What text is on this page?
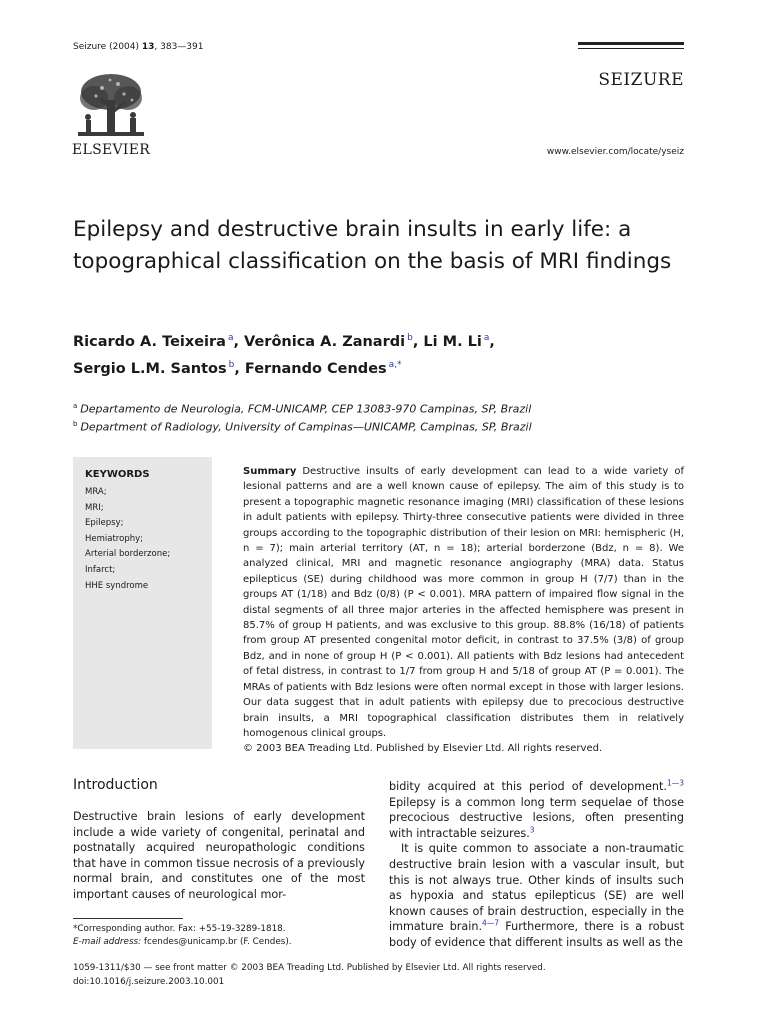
Seizure (2004) 13, 383—391
SEIZURE
ELSEVIER	www.elsevier.com/locate/yseiz
Epilepsy and destructive brain insults in early life: a topographical classification on the basis of MRI findings
Ricardo A. Teixeira $^a$, Verônica A. Zanardi $^b$, Li M. Li $^a$,
Sergio L.M. Santos $^b$, Fernando Cendes $^{a,*}$
$^a$ Departamento de Neurologia, FCM-UNICAMP, CEP 13083-970 Campinas, SP, Brazil
$^b$ Department of Radiology, University of Campinas—UNICAMP, Campinas, SP, Brazil
KEYWORDS
MRA;
MRI;
Epilepsy;
Hemiatrophy;
Arterial borderzone;
Infarct;
HHE syndrome

Summary Destructive insults of early development can lead to a wide variety of lesional patterns and are a well known cause of epilepsy. The aim of this study is to present a topographic magnetic resonance imaging (MRI) classification of these lesions in adult patients with epilepsy. Thirty-three consecutive patients were divided in three groups according to the topographic distribution of their lesion on MRI: hemispheric (H, n = 7); main arterial territory (AT, n = 18); arterial borderzone (Bdz, n = 8). We analyzed clinical, MRI and magnetic resonance angiography (MRA) data. Status epilepticus (SE) during childhood was more common in group H (7/7) than in the groups AT (1/18) and Bdz (0/8) (P < 0.001). MRA pattern of impaired flow signal in the distal segments of all three major arteries in the affected hemisphere was present in 85.7% of group H patients, and was exclusive to this group. 88.8% (16/18) of patients from group AT presented congenital motor deficit, in contrast to 37.5% (3/8) of group Bdz, and in none of group H (P < 0.001). All patients with Bdz lesions had antecedent of fetal distress, in contrast to 1/7 from group H and 5/18 of group AT (P = 0.001). The MRAs of patients with Bdz lesions were often normal except in those with larger lesions. Our data suggest that in adult patients with epilepsy due to precocious destructive brain insults, a MRI topographical classification distributes them in relatively homogenous clinical groups.

© 2003 BEA Treading Ltd. Published by Elsevier Ltd. All rights reserved.

Introduction

Destructive brain lesions of early development include a wide variety of congenital, perinatal and postnatally acquired neuropathologic conditions that have in common tissue necrosis of a previously normal brain, and constitutes one of the most important causes of neurological mor-

bidity acquired at this period of development.$^{1—3}$ Epilepsy is a common long term sequelae of those precocious destructive lesions, often presenting with intractable seizures.$^3$

It is quite common to associate a non-traumatic destructive brain lesion with a vascular insult, but this is not always true. Other kinds of insults such as hypoxia and status epilepticus (SE) are well known causes of brain destruction, especially in the immature brain.$^{4—7}$ Furthermore, there is a robust body of evidence that different insults as well as the

*Corresponding author. Fax: +55-19-3289-1818.
E-mail address: fcendes@unicamp.br (F. Cendes).
1059-1311/$30 — see front matter © 2003 BEA Treading Ltd. Published by Elsevier Ltd. All rights reserved.
doi:10.1016/j.seizure.2003.10.001
